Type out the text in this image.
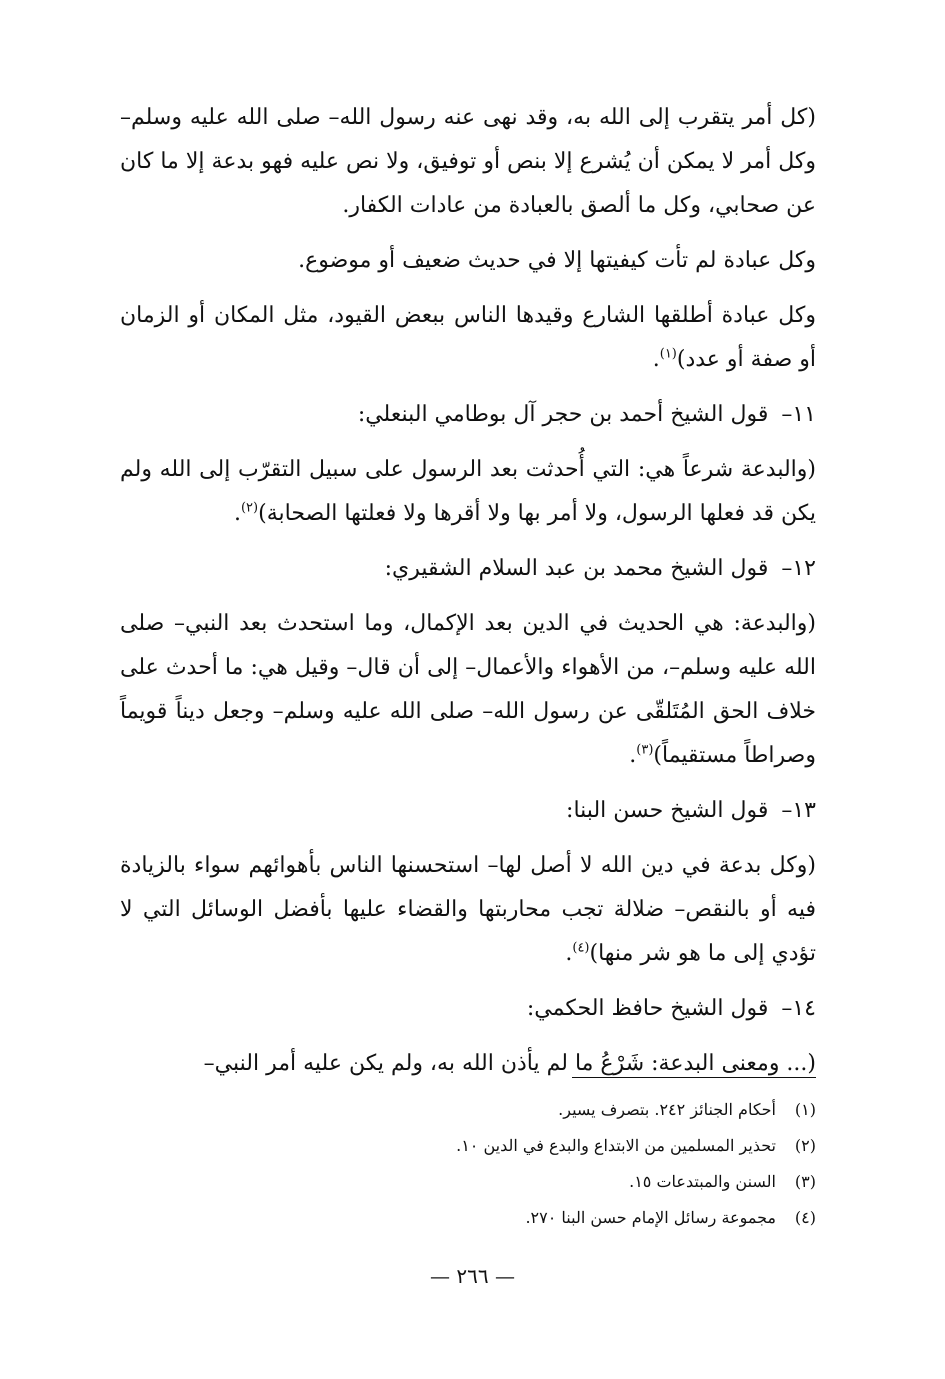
(كل أمر يتقرب إلى الله به، وقد نهى عنه رسول الله– صلى الله عليه وسلم– وكل أمر لا يمكن أن يُشرع إلا بنص أو توفيق، ولا نص عليه فهو بدعة إلا ما كان عن صحابي، وكل ما ألصق بالعبادة من عادات الكفار.

وكل عبادة لم تأت كيفيتها إلا في حديث ضعيف أو موضوع.

وكل عبادة أطلقها الشارع وقيدها الناس ببعض القيود، مثل المكان أو الزمان أو صفة أو عدد)$^{(١)}$.

١١– قول الشيخ أحمد بن حجر آل بوطامي البنعلي:

(والبدعة شرعاً هي: التي أُحدثت بعد الرسول على سبيل التقرّب إلى الله ولم يكن قد فعلها الرسول، ولا أمر بها ولا أقرها ولا فعلتها الصحابة)$^{(٢)}$.

١٢– قول الشيخ محمد بن عبد السلام الشقيري:

(والبدعة: هي الحديث في الدين بعد الإكمال، وما استحدث بعد النبي– صلى الله عليه وسلم–، من الأهواء والأعمال– إلى أن قال– وقيل هي: ما أحدث على خلاف الحق المُتَلقّى عن رسول الله– صلى الله عليه وسلم– وجعل ديناً قويماً وصراطاً مستقيماً)$^{(٣)}$.

١٣– قول الشيخ حسن البنا:

(وكل بدعة في دين الله لا أصل لها– استحسنها الناس بأهوائهم سواء بالزيادة فيه أو بالنقص– ضلالة تجب محاربتها والقضاء عليها بأفضل الوسائل التي لا تؤدي إلى ما هو شر منها)$^{(٤)}$.

١٤– قول الشيخ حافظ الحكمي:

(... ومعنى البدعة: شَرْعُ ما لم يأذن الله به، ولم يكن عليه أمر النبي–

(١)
أحكام الجنائز ٢٤٢. بتصرف يسير.
(٢)
تحذير المسلمين من الابتداع والبدع في الدين ١٠.
(٣)
السنن والمبتدعات ١٥.
(٤)
مجموعة رسائل الإمام حسن البنا ٢٧٠.
— ٢٦٦ —
